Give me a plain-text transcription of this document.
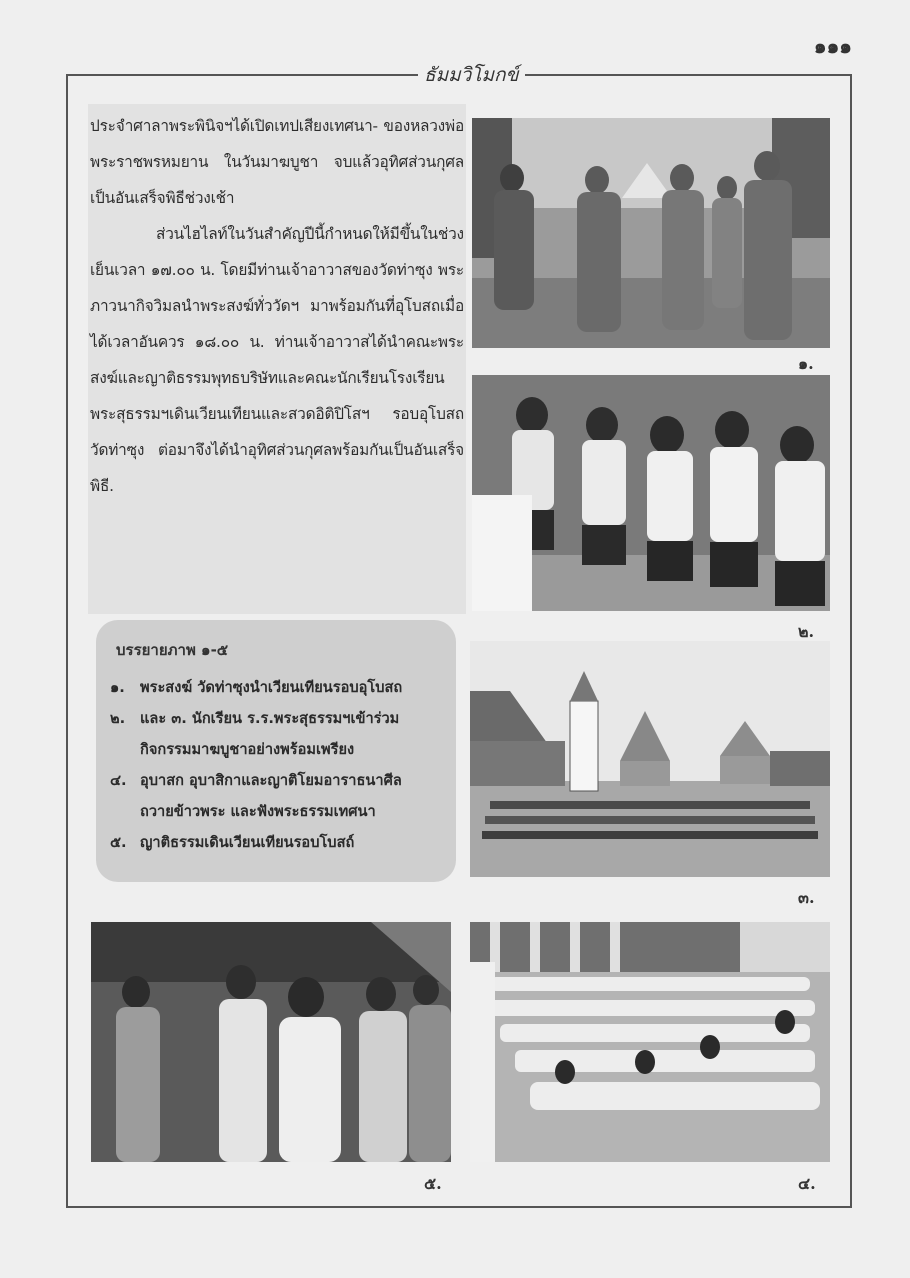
๑๑๑
ธัมมวิโมกข์

ประจำศาลาพระพินิจฯได้เปิดเทปเสียงเทศนา- ของหลวงพ่อพระราชพรหมยาน ในวันมาฆบูชา จบแล้วอุทิศส่วนกุศลเป็นอันเสร็จพิธีช่วงเช้า

ส่วนไฮไลท์ในวันสำคัญปีนี้กำหนดให้มีขึ้นในช่วงเย็นเวลา ๑๗.๐๐ น. โดยมีท่านเจ้าอาวาสของวัดท่าซุง พระภาวนากิจวิมลนำพระสงฆ์ทั่ววัดฯ มาพร้อมกันที่อุโบสถเมื่อได้เวลาอันควร ๑๘.๐๐ น. ท่านเจ้าอาวาสได้นำคณะพระสงฆ์และญาติธรรมพุทธบริษัทและคณะนักเรียนโรงเรียนพระสุธรรมฯเดินเวียนเทียนและสวดอิติปิโสฯ รอบอุโบสถวัดท่าซุง ต่อมาจึงได้นำอุทิศส่วนกุศลพร้อมกันเป็นอันเสร็จพิธี.

บรรยายภาพ ๑-๕
๑. พระสงฆ์ วัดท่าซุงนำเวียนเทียนรอบอุโบสถ
๒. และ ๓. นักเรียน ร.ร.พระสุธรรมฯเข้าร่วม
กิจกรรมมาฆบูชาอย่างพร้อมเพรียง
๔. อุบาสก อุบาสิกาและญาติโยมอาราธนาศีล
ถวายข้าวพระ และฟังพระธรรมเทศนา
๕. ญาติธรรมเดินเวียนเทียนรอบโบสถ์
๑.
๒.
๓.
๕.	๔.
